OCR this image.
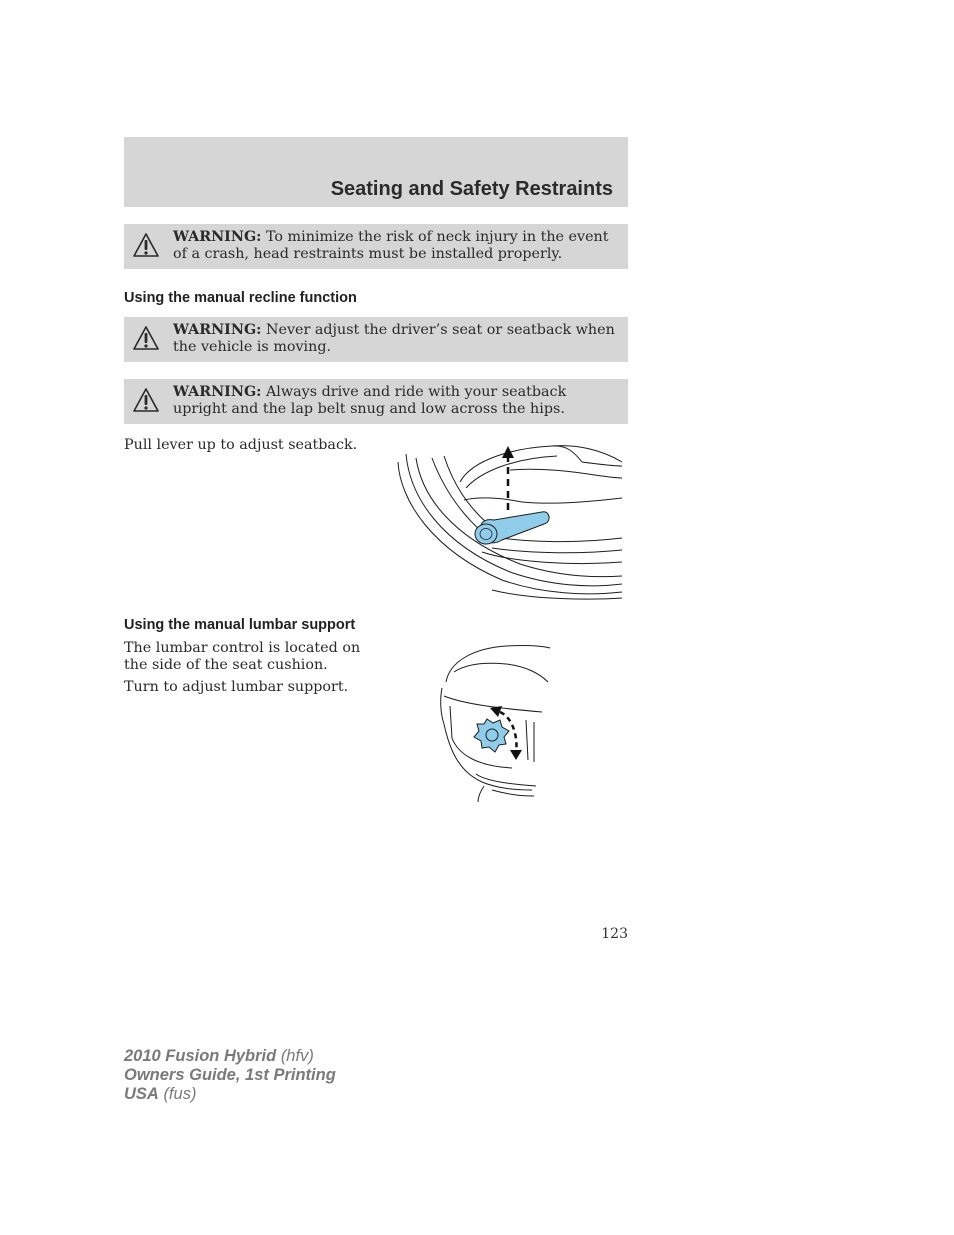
Seating and Safety Restraints
WARNING: To minimize the risk of neck injury in the event of a crash, head restraints must be installed properly.
Using the manual recline function
WARNING: Never adjust the driver’s seat or seatback when the vehicle is moving.
WARNING: Always drive and ride with your seatback upright and the lap belt snug and low across the hips.
Pull lever up to adjust seatback.
Using the manual lumbar support
The lumbar control is located on the side of the seat cushion.
Turn to adjust lumbar support.
123
2010 Fusion Hybrid (hfv)
Owners Guide, 1st Printing
USA (fus)
